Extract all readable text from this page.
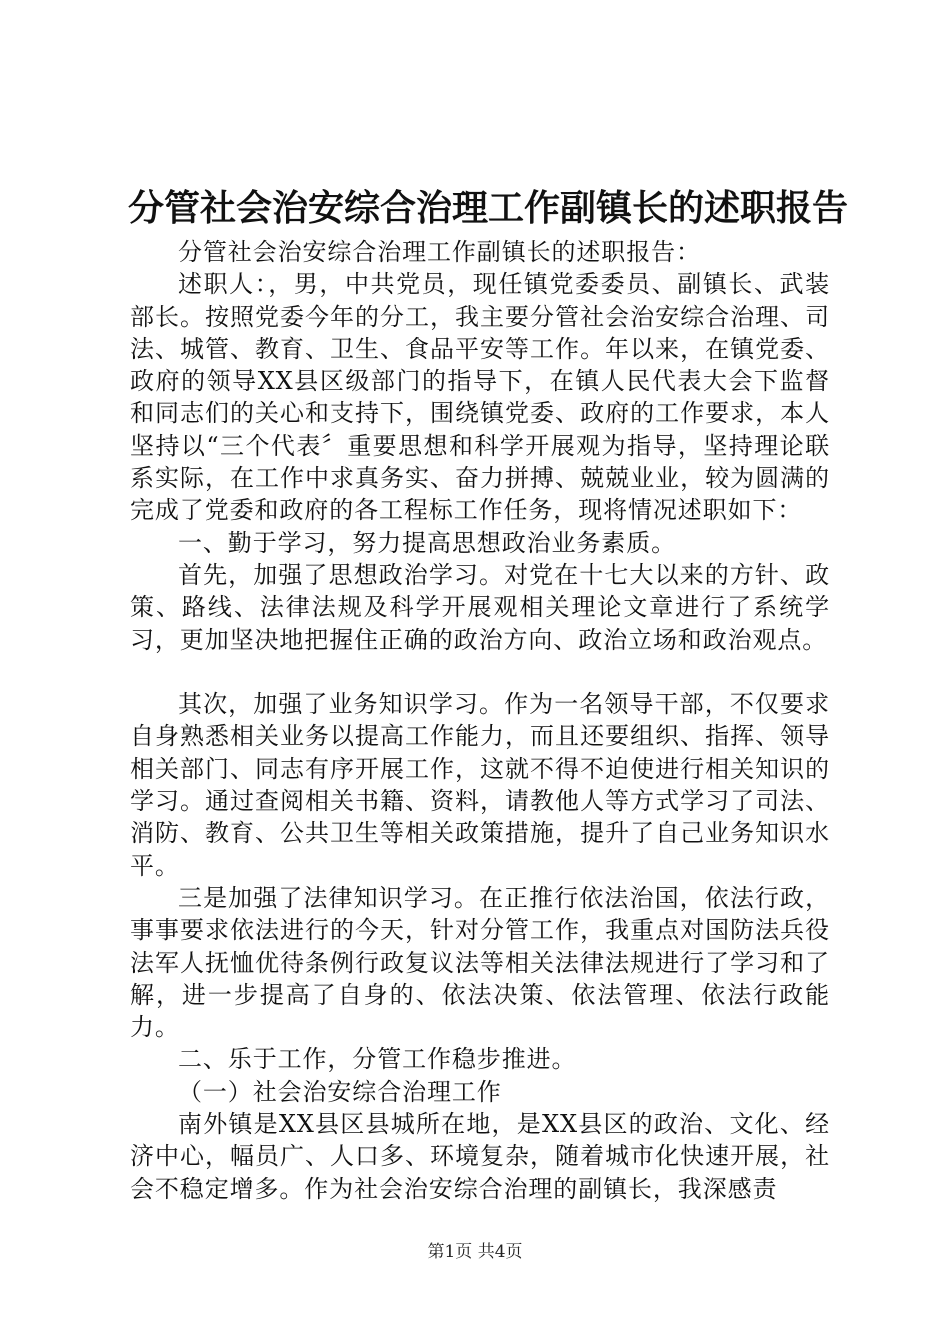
分管社会治安综合治理工作副镇长的述职报告

分管社会治安综合治理工作副镇长的述职报告：

述职人：，男，中共党员，现任镇党委委员、副镇长、武装部长。按照党委今年的分工，我主要分管社会治安综合治理、司法、城管、教育、卫生、食品平安等工作。年以来，在镇党委、政府的领导XX县区级部门的指导下，在镇人民代表大会下监督和同志们的关心和支持下，围绕镇党委、政府的工作要求，本人坚持以“三个代表〞重要思想和科学开展观为指导，坚持理论联系实际，在工作中求真务实、奋力拼搏、兢兢业业，较为圆满的完成了党委和政府的各工程标工作任务，现将情况述职如下：

一、勤于学习，努力提高思想政治业务素质。

首先，加强了思想政治学习。对党在十七大以来的方针、政策、路线、法律法规及科学开展观相关理论文章进行了系统学习，更加坚决地把握住正确的政治方向、政治立场和政治观点。

其次，加强了业务知识学习。作为一名领导干部，不仅要求自身熟悉相关业务以提高工作能力，而且还要组织、指挥、领导相关部门、同志有序开展工作，这就不得不迫使进行相关知识的学习。通过查阅相关书籍、资料，请教他人等方式学习了司法、消防、教育、公共卫生等相关政策措施，提升了自己业务知识水平。

三是加强了法律知识学习。在正推行依法治国，依法行政，事事要求依法进行的今天，针对分管工作，我重点对国防法兵役法军人抚恤优待条例行政复议法等相关法律法规进行了学习和了解，进一步提高了自身的、依法决策、依法管理、依法行政能力。

二、乐于工作，分管工作稳步推进。

（一）社会治安综合治理工作

南外镇是XX县区县城所在地，是XX县区的政治、文化、经济中心，幅员广、人口多、环境复杂，随着城市化快速开展，社会不稳定增多。作为社会治安综合治理的副镇长，我深感责

第1页 共4页
